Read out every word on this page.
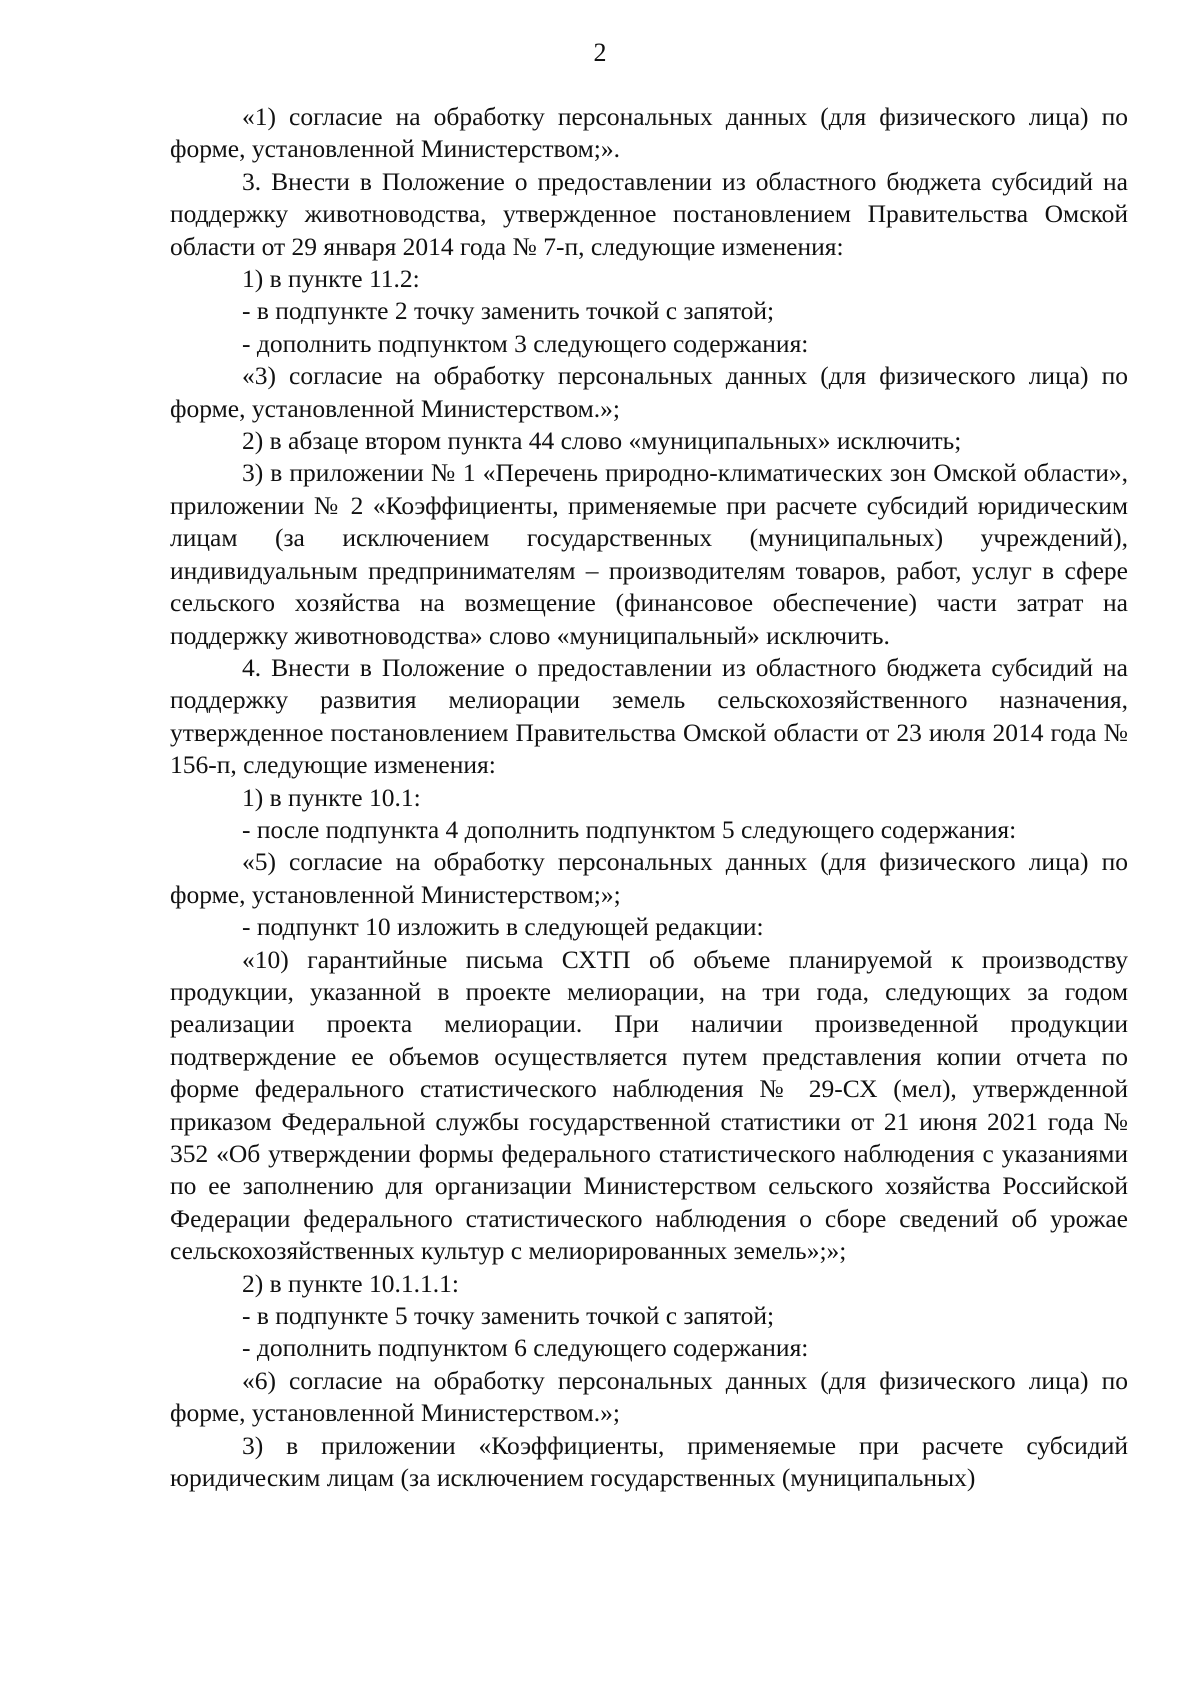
2

«1) согласие на обработку персональных данных (для физического лица) по форме, установленной Министерством;».

3. Внести в Положение о предоставлении из областного бюджета субсидий на поддержку животноводства, утвержденное постановлением Правительства Омской области от 29 января 2014 года № 7-п, следующие изменения:

1) в пункте 11.2:

- в подпункте 2 точку заменить точкой с запятой;

- дополнить подпунктом 3 следующего содержания:

«3) согласие на обработку персональных данных (для физического лица) по форме, установленной Министерством.»;

2) в абзаце втором пункта 44 слово «муниципальных» исключить;

3) в приложении № 1 «Перечень природно-климатических зон Омской области», приложении № 2 «Коэффициенты, применяемые при расчете субсидий юридическим лицам (за исключением государственных (муниципальных) учреждений), индивидуальным предпринимателям – производителям товаров, работ, услуг в сфере сельского хозяйства на возмещение (финансовое обеспечение) части затрат на поддержку животноводства» слово «муниципальный» исключить.

4. Внести в Положение о предоставлении из областного бюджета субсидий на поддержку развития мелиорации земель сельскохозяйственного назначения, утвержденное постановлением Правительства Омской области от 23 июля 2014 года № 156-п, следующие изменения:

1) в пункте 10.1:

- после подпункта 4 дополнить подпунктом 5 следующего содержания:

«5) согласие на обработку персональных данных (для физического лица) по форме, установленной Министерством;»;

- подпункт 10 изложить в следующей редакции:

«10) гарантийные письма СХТП об объеме планируемой к производству продукции, указанной в проекте мелиорации, на три года, следующих за годом реализации проекта мелиорации. При наличии произведенной продукции подтверждение ее объемов осуществляется путем представления копии отчета по форме федерального статистического наблюдения № 29-СХ (мел), утвержденной приказом Федеральной службы государственной статистики от 21 июня 2021 года № 352 «Об утверждении формы федерального статистического наблюдения с указаниями по ее заполнению для организации Министерством сельского хозяйства Российской Федерации федерального статистического наблюдения о сборе сведений об урожае сельскохозяйственных культур с мелиорированных земель»;»;

2) в пункте 10.1.1.1:

- в подпункте 5 точку заменить точкой с запятой;

- дополнить подпунктом 6 следующего содержания:

«6) согласие на обработку персональных данных (для физического лица) по форме, установленной Министерством.»;

3) в приложении «Коэффициенты, применяемые при расчете субсидий юридическим лицам (за исключением государственных (муниципальных)
